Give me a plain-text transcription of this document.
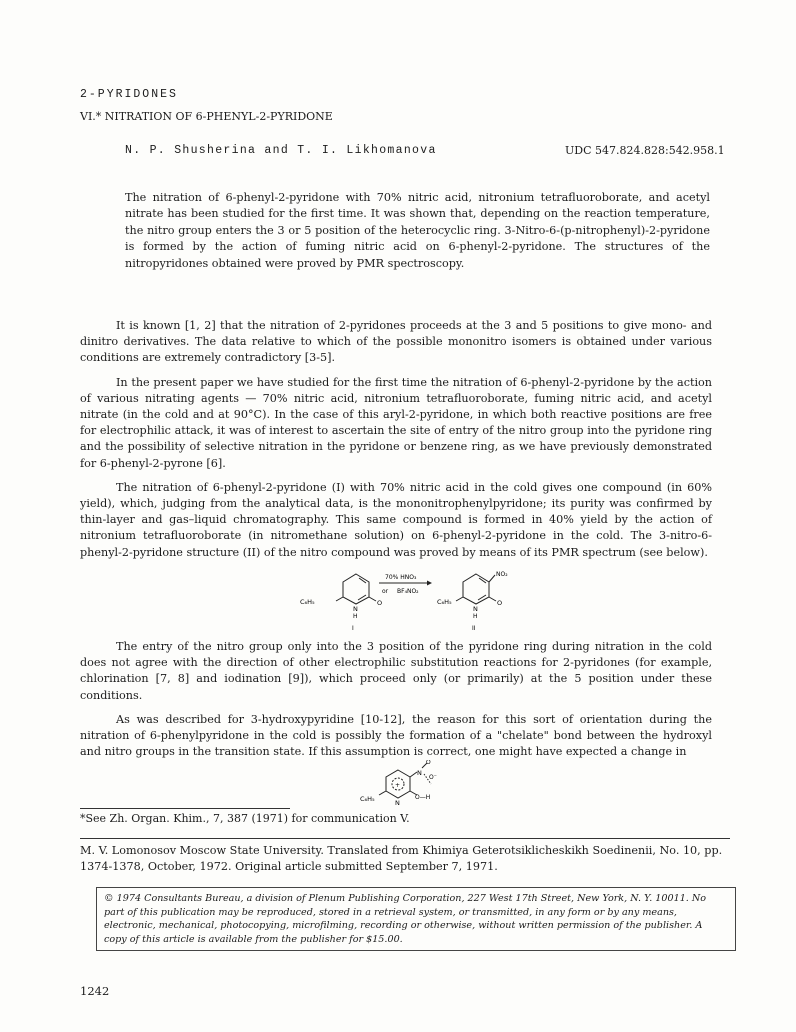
2-PYRIDONES
VI.* NITRATION OF 6-PHENYL-2-PYRIDONE
N. P. Shusherina and T. I. Likhomanova	UDC 547.824.828:542.958.1

The nitration of 6-phenyl-2-pyridone with 70% nitric acid, nitronium tetrafluoroborate, and acetyl nitrate has been studied for the first time. It was shown that, depending on the reaction temperature, the nitro group enters the 3 or 5 position of the heterocyclic ring. 3-Nitro-6-(p-nitrophenyl)-2-pyridone is formed by the action of fuming nitric acid on 6-phenyl-2-pyridone. The structures of the nitropyridones obtained were proved by PMR spectroscopy.

It is known [1, 2] that the nitration of 2-pyridones proceeds at the 3 and 5 positions to give mono- and dinitro derivatives. The data relative to which of the possible mononitro isomers is obtained under various conditions are extremely contradictory [3-5].

In the present paper we have studied for the first time the nitration of 6-phenyl-2-pyridone by the action of various nitrating agents — 70% nitric acid, nitronium tetrafluoroborate, fuming nitric acid, and acetyl nitrate (in the cold and at 90°C). In the case of this aryl-2-pyridone, in which both reactive positions are free for electrophilic attack, it was of interest to ascertain the site of entry of the nitro group into the pyridone ring and the possibility of selective nitration in the pyridone or benzene ring, as we have previously demonstrated for 6-phenyl-2-pyrone [6].

The nitration of 6-phenyl-2-pyridone (I) with 70% nitric acid in the cold gives one compound (in 60% yield), which, judging from the analytical data, is the mononitrophenylpyridone; its purity was confirmed by thin-layer and gas–liquid chromatography. This same compound is formed in 40% yield by the action of nitronium tetrafluoroborate (in nitromethane solution) on 6-phenyl-2-pyridone in the cold. The 3-nitro-6-phenyl-2-pyridone structure (II) of the nitro compound was proved by means of its PMR spectrum (see below).

C₆H₅
N
H
O
I
70% HNO₃
or BF₄NO₂
NO₂
C₆H₅
N
H
O
II

The entry of the nitro group only into the 3 position of the pyridone ring during nitration in the cold does not agree with the direction of other electrophilic substitution reactions for 2-pyridones (for example, chlorination [7, 8] and iodination [9]), which proceed only (or primarily) at the 5 position under these conditions.

As was described for 3-hydroxypyridine [10-12], the reason for this sort of orientation during the nitration of 6-phenylpyridone in the cold is possibly the formation of a "chelate" bond between the hydroxyl and nitro groups in the transition state. If this assumption is correct, one might have expected a change in

+
N
O
O⁻
O—H
N
C₆H₅
*See Zh. Organ. Khim., 7, 387 (1971) for communication V.

M. V. Lomonosov Moscow State University. Translated from Khimiya Geterotsiklicheskikh Soedinenii, No. 10, pp. 1374-1378, October, 1972. Original article submitted September 7, 1971.

© 1974 Consultants Bureau, a division of Plenum Publishing Corporation, 227 West 17th Street, New York, N. Y. 10011. No part of this publication may be reproduced, stored in a retrieval system, or transmitted, in any form or by any means, electronic, mechanical, photocopying, microfilming, recording or otherwise, without written permission of the publisher. A copy of this article is available from the publisher for $15.00.
1242
